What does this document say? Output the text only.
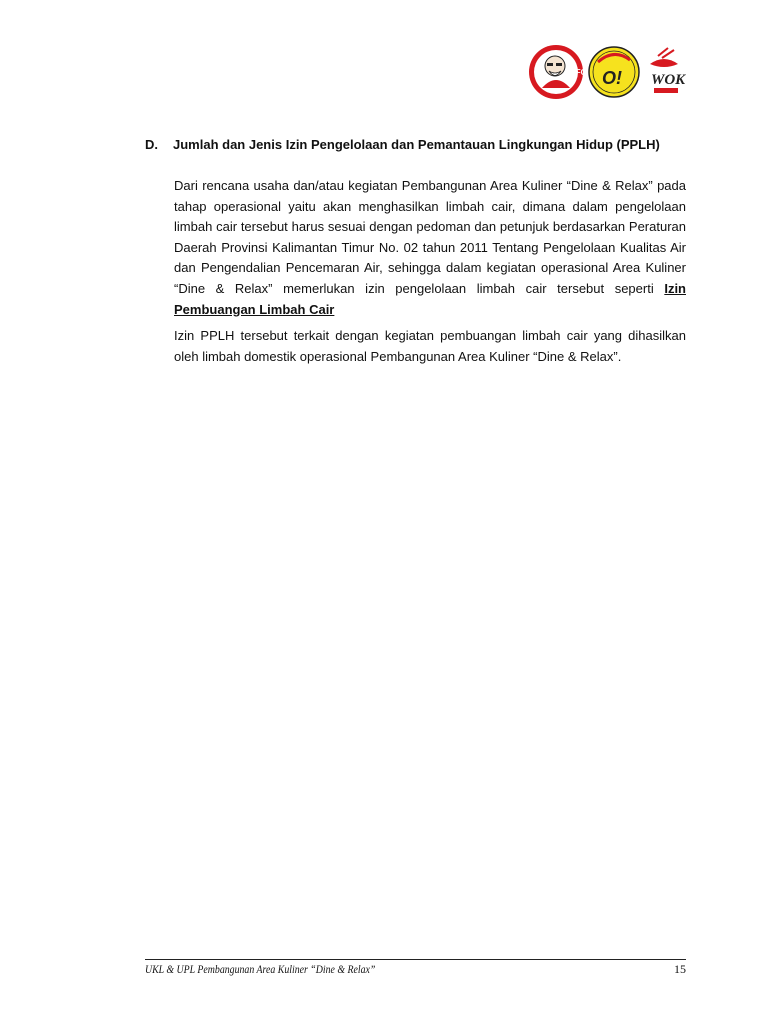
KFC O! WOK
D.	Jumlah dan Jenis Izin Pengelolaan dan Pemantauan Lingkungan Hidup (PPLH)
Dari rencana usaha dan/atau kegiatan Pembangunan Area Kuliner “Dine & Relax” pada tahap operasional yaitu akan menghasilkan limbah cair, dimana dalam pengelolaan limbah cair tersebut harus sesuai dengan pedoman dan petunjuk berdasarkan Peraturan Daerah Provinsi Kalimantan Timur No. 02 tahun 2011 Tentang Pengelolaan Kualitas Air dan Pengendalian Pencemaran Air, sehingga dalam kegiatan operasional Area Kuliner “Dine & Relax” memerlukan izin pengelolaan limbah cair tersebut seperti Izin Pembuangan Limbah Cair
Izin PPLH tersebut terkait dengan kegiatan pembuangan limbah cair yang dihasilkan oleh limbah domestik operasional Pembangunan Area Kuliner “Dine & Relax”.
UKL & UPL Pembangunan Area Kuliner “Dine & Relax”	15
